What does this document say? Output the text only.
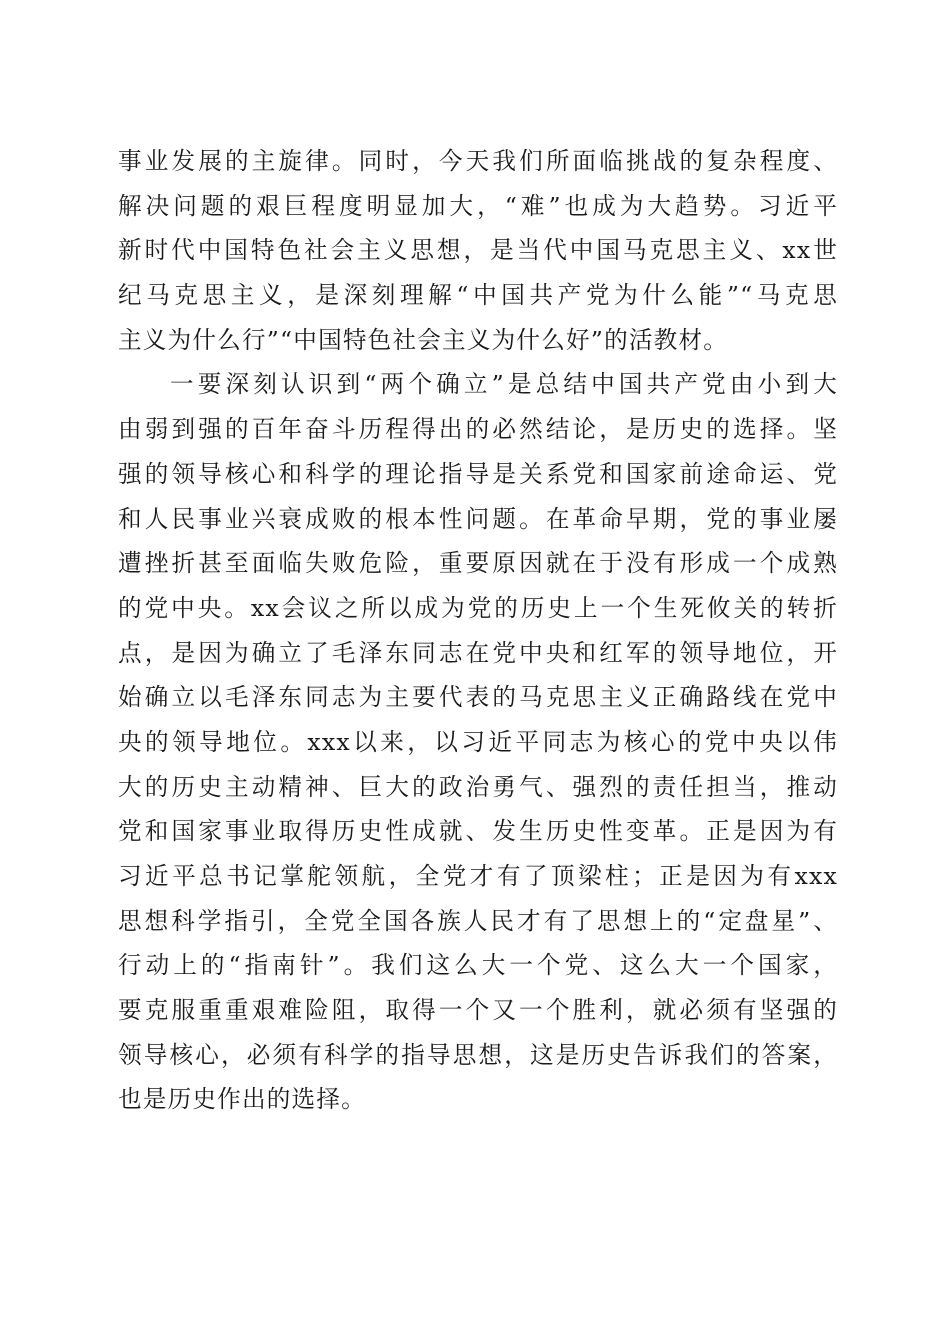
事业发展的主旋律。同时，今天我们所面临挑战的复杂程度、
解决问题的艰巨程度明显加大，“难”也成为大趋势。习近平
新时代中国特色社会主义思想，是当代中国马克思主义、xx世
纪马克思主义，是深刻理解“中国共产党为什么能”“马克思
主义为什么行”“中国特色社会主义为什么好”的活教材。
一要深刻认识到“两个确立”是总结中国共产党由小到大
由弱到强的百年奋斗历程得出的必然结论，是历史的选择。坚
强的领导核心和科学的理论指导是关系党和国家前途命运、党
和人民事业兴衰成败的根本性问题。在革命早期，党的事业屡
遭挫折甚至面临失败危险，重要原因就在于没有形成一个成熟
的党中央。xx会议之所以成为党的历史上一个生死攸关的转折
点，是因为确立了毛泽东同志在党中央和红军的领导地位，开
始确立以毛泽东同志为主要代表的马克思主义正确路线在党中
央的领导地位。xxx以来，以习近平同志为核心的党中央以伟
大的历史主动精神、巨大的政治勇气、强烈的责任担当，推动
党和国家事业取得历史性成就、发生历史性变革。正是因为有
习近平总书记掌舵领航，全党才有了顶梁柱；正是因为有xxx
思想科学指引，全党全国各族人民才有了思想上的“定盘星”、
行动上的“指南针”。我们这么大一个党、这么大一个国家，
要克服重重艰难险阻，取得一个又一个胜利，就必须有坚强的
领导核心，必须有科学的指导思想，这是历史告诉我们的答案，
也是历史作出的选择。
